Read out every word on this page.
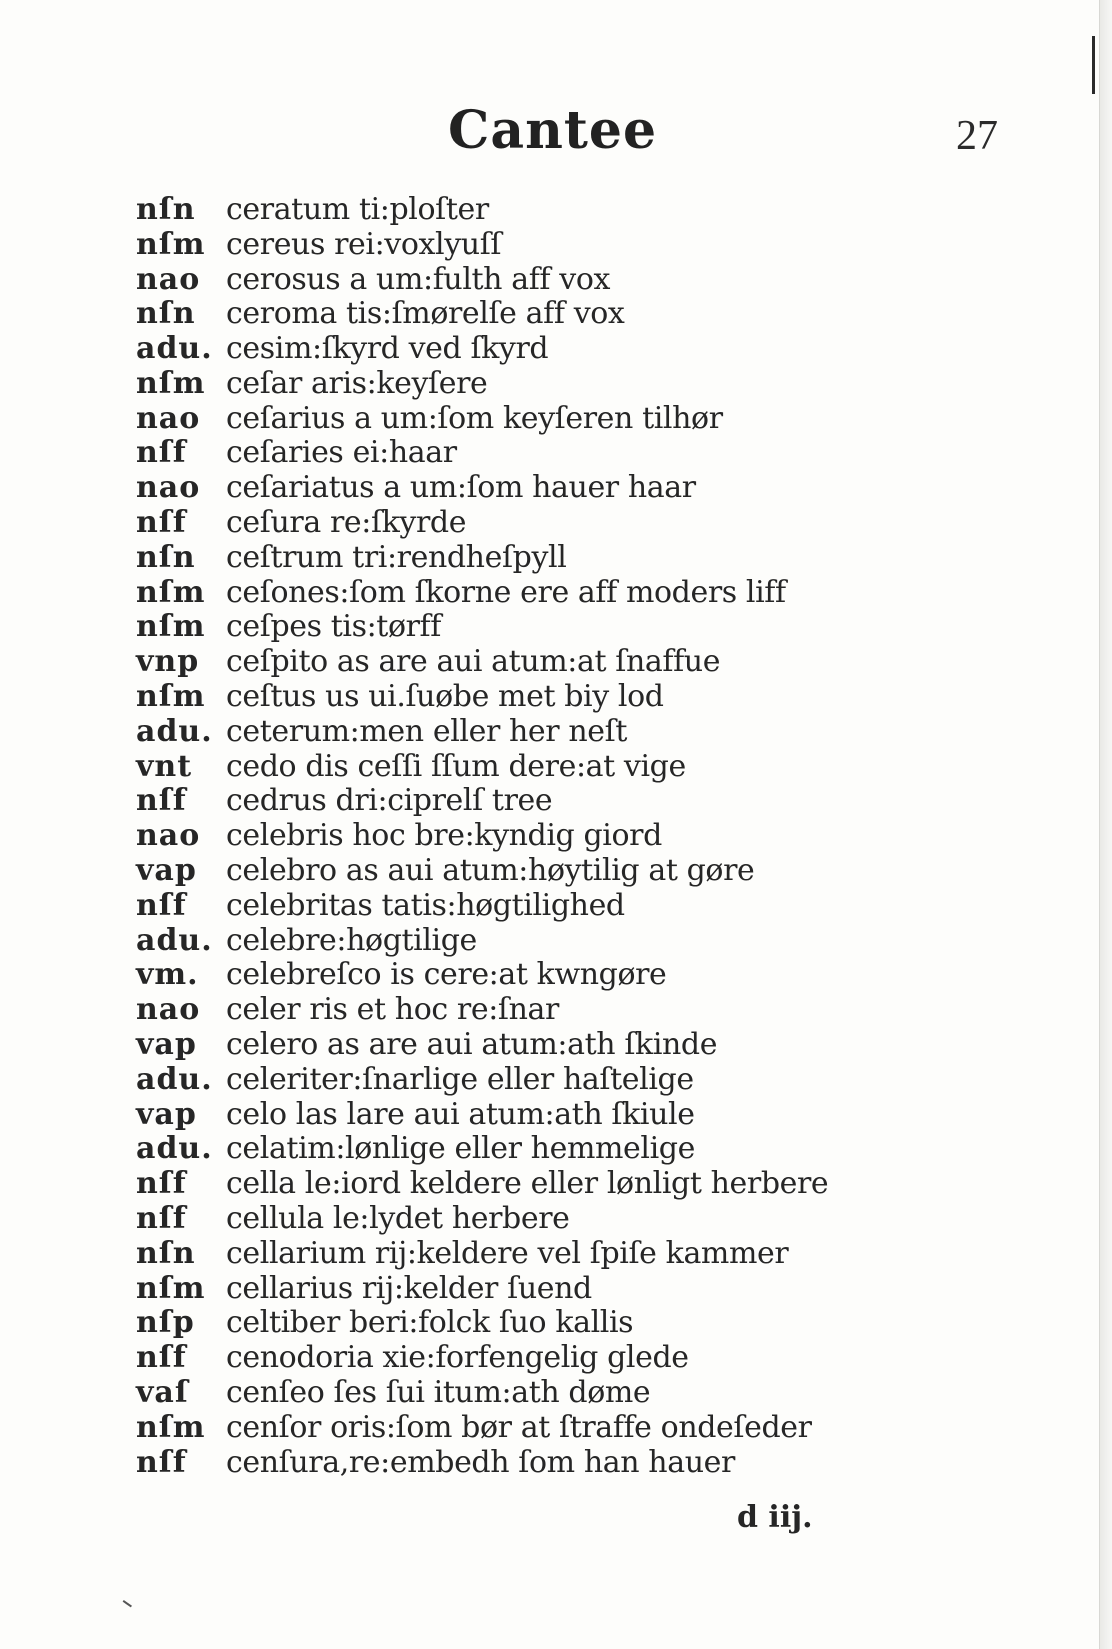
Cantee	27
nſn	ceratum ti:ploſter
nſm cereus rei:voxlyuſſ
nao cerosus a um:fulth aff vox
nſn	ceroma tis:ſmørelſe aff vox
adu. cesim:ſkyrd ved ſkyrd
nſm ceſar aris:keyſere
nao ceſarius a um:ſom keyſeren tilhør
nſf	ceſaries ei:haar
nao ceſariatus a um:ſom hauer haar
nſf	ceſura re:ſkyrde
nſn	ceſtrum tri:rendheſpyll
nſm ceſones:ſom ſkorne ere aff moders liff
nſm ceſpes tis:tørff
vnp ceſpito as are aui atum:at ſnaffue
nſm ceſtus us ui.ſuøbe met biy lod
adu. ceterum:men eller her neſt
vnt	cedo dis ceſſi ſſum dere:at vige
nſf	cedrus dri:ciprelſ tree
nao celebris hoc bre:kyndig giord
vap celebro as aui atum:høytilig at gøre
nſf	celebritas tatis:høgtilighed
adu. celebre:høgtilige
vm. celebreſco is cere:at kwngøre
nao celer ris et hoc re:ſnar
vap celero as are aui atum:ath ſkinde
adu. celeriter:ſnarlige eller haſtelige
vap celo las lare aui atum:ath ſkiule
adu. celatim:lønlige eller hemmelige
nſf	cella le:iord keldere eller lønligt herbere
nſf	cellula le:lydet herbere
nſn	cellarium rij:keldere vel ſpiſe kammer
nſm cellarius rij:kelder ſuend
nſp	celtiber beri:folck ſuo kallis
nſf	cenodoria xie:forfengelig glede
vaſ	cenſeo ſes ſui itum:ath døme
nſm cenſor oris:ſom bør at ſtraffe ondeſeder
nſf	cenſura,re:embedh ſom han hauer
d iij.
